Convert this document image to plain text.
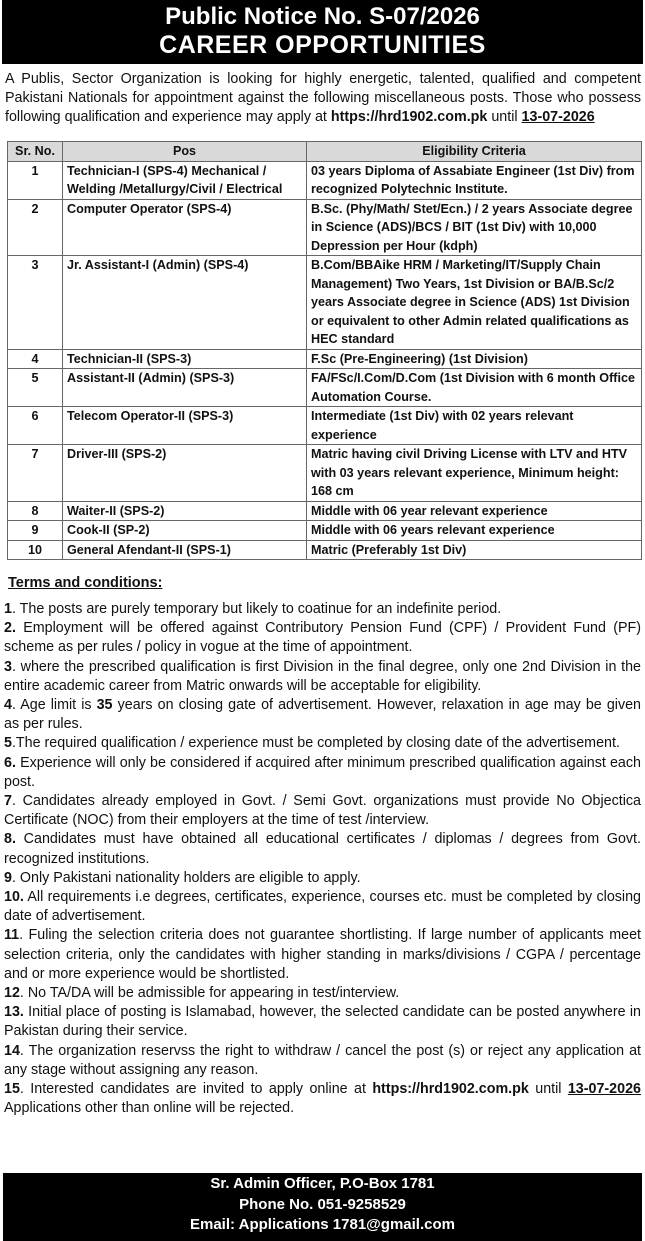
Public Notice No. S-07/2026
CAREER OPPORTUNITIES
A Publis, Sector Organization is looking for highly energetic, talented, qualified and competent Pakistani Nationals for appointment against the following miscellaneous posts. Those who possess following qualification and experience may apply at https://hrd1902.com.pk until 13-07-2026
Sr. No.	Pos	Eligibility Criteria
1	Technician-I (SPS-4) Mechanical / Welding /Metallurgy/Civil / Electrical	03 years Diploma of Assabiate Engineer (1st Div) from recognized Polytechnic Institute.
2	Computer Operator (SPS-4)	B.Sc. (Phy/Math/ Stet/Ecn.) / 2 years Associate degree in Science (ADS)/BCS / BIT (1st Div) with 10,000 Depression per Hour (kdph)
3	Jr. Assistant-I (Admin) (SPS-4)	B.Com/BBAike HRM / Marketing/IT/Supply Chain Management) Two Years, 1st Division or BA/B.Sc/2 years Associate degree in Science (ADS) 1st Division or equivalent to other Admin related qualifications as HEC standard
4	Technician-II (SPS-3)	F.Sc (Pre-Engineering) (1st Division)
5	Assistant-II (Admin) (SPS-3)	FA/FSc/I.Com/D.Com (1st Division with 6 month Office Automation Course.
6	Telecom Operator-II (SPS-3)	Intermediate (1st Div) with 02 years relevant experience
7	Driver-III (SPS-2)	Matric having civil Driving License with LTV and HTV with 03 years relevant experience, Minimum height: 168 cm
8	Waiter-II (SPS-2)	Middle with 06 year relevant experience
9	Cook-II (SP-2)	Middle with 06 years relevant experience
10	General Afendant-II (SPS-1)	Matric (Preferably 1st Div)
Terms and conditions:

1. The posts are purely temporary but likely to coatinue for an indefinite period.

2. Employment will be offered against Contributory Pension Fund (CPF) / Provident Fund (PF) scheme as per rules / policy in vogue at the time of appointment.

3. where the prescribed qualification is first Division in the final degree, only one 2nd Division in the entire academic career from Matric onwards will be acceptable for eligibility.

4. Age limit is 35 years on closing gate of advertisement. However, relaxation in age may be given as per rules.

5.The required qualification / experience must be completed by closing date of the advertisement.

6. Experience will only be considered if acquired after minimum prescribed qualification against each post.

7. Candidates already employed in Govt. / Semi Govt. organizations must provide No Objectica Certificate (NOC) from their employers at the time of test /interview.

8. Candidates must have obtained all educational certificates / diplomas / degrees from Govt. recognized institutions.

9. Only Pakistani nationality holders are eligible to apply.

10. All requirements i.e degrees, certificates, experience, courses etc. must be completed by closing date of advertisement.

11. Fuling the selection criteria does not guarantee shortlisting. If large number of applicants meet selection criteria, only the candidates with higher standing in marks/divisions / CGPA / percentage and or more experience would be shortlisted.

12. No TA/DA will be admissible for appearing in test/interview.

13. Initial place of posting is Islamabad, however, the selected candidate can be posted anywhere in Pakistan during their service.

14. The organization reservss the right to withdraw / cancel the post (s) or reject any application at any stage without assigning any reason.

15. Interested candidates are invited to apply online at https://hrd1902.com.pk until 13-07-2026 Applications other than online will be rejected.

Sr. Admin Officer, P.O-Box 1781
Phone No. 051-9258529
Email: Applications 1781@gmail.com
